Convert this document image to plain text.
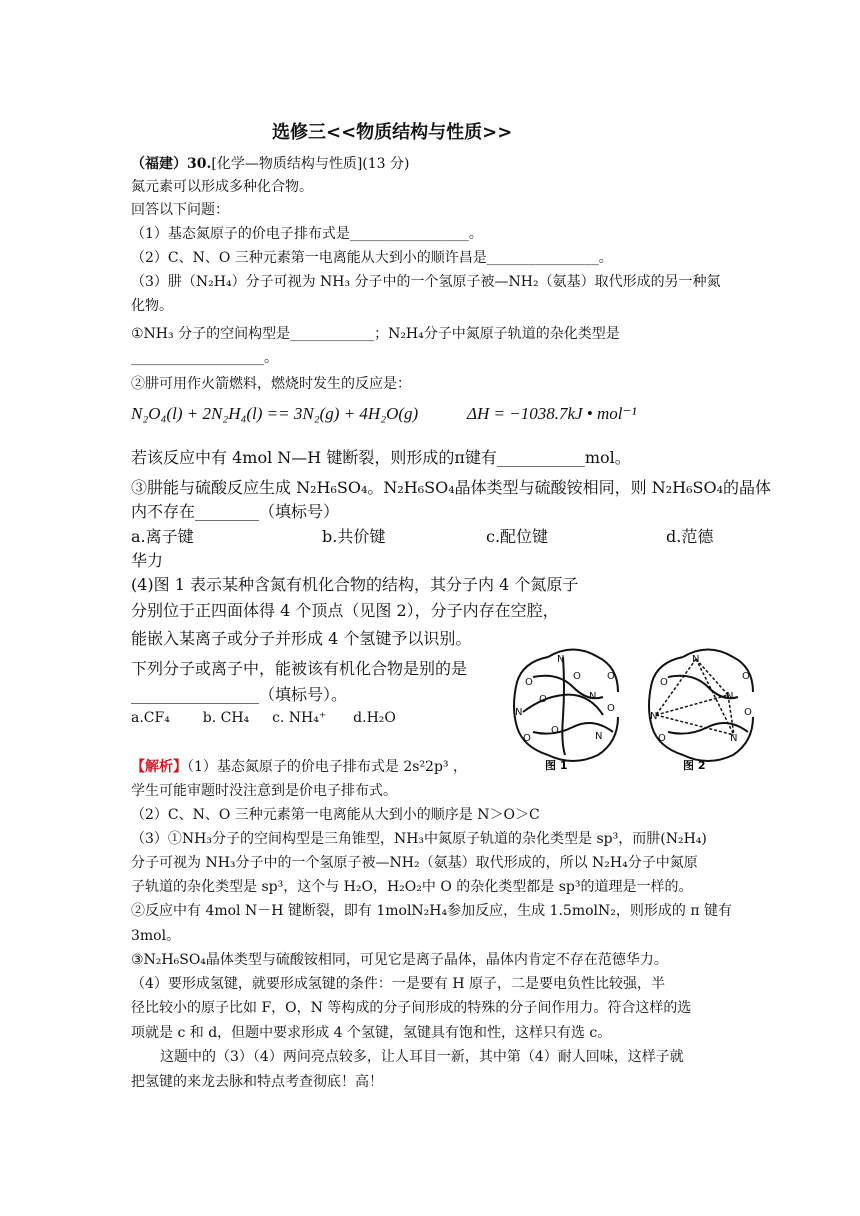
选修三<<物质结构与性质>>
（福建）30.[化学—物质结构与性质](13 分)
氮元素可以形成多种化合物。
回答以下问题：
（1）基态氮原子的价电子排布式是_________________。
（2）C、N、O 三种元素第一电离能从大到小的顺许昌是________________。
（3）肼（N₂H₄）分子可视为 NH₃ 分子中的一个氢原子被—NH₂（氨基）取代形成的另一种氮
化物。
①NH₃ 分子的空间构型是____________；N₂H₄分子中氮原子轨道的杂化类型是
___________________。
②肼可用作火箭燃料，燃烧时发生的反应是：
N₂O₄(l) + 2N₂H₄(l) == 3N₂(g) + 4H₂O(g)	ΔH = −1038.7kJ • mol⁻¹
若该反应中有 4mol N—H 键断裂，则形成的π键有___________mol。
③肼能与硫酸反应生成 N₂H₆SO₄。N₂H₆SO₄晶体类型与硫酸铵相同，则 N₂H₆SO₄的晶体
内不存在________（填标号）
a.离子键	b.共价键	c.配位键	d.范德
华力
(4)图 1 表示某种含氮有机化合物的结构，其分子内 4 个氮原子
分别位于正四面体得 4 个顶点（见图 2），分子内存在空腔，
能嵌入某离子或分子并形成 4 个氢键予以识别。
下列分子或离子中，能被该有机化合物是别的是
________________（填标号）。
a.CF₄ b. CH₄ c. NH₄⁺ d.H₂O
N
N
N
N
O
O
O	O
O
O
O
N
N
N
N
O
O
O
O
图 1	图 2
【解析】（1）基态氮原子的价电子排布式是 2s²2p³ ，
学生可能审题时没注意到是价电子排布式。
（2）C、N、O 三种元素第一电离能从大到小的顺序是 N＞O＞C
（3）①NH₃分子的空间构型是三角锥型，NH₃中氮原子轨道的杂化类型是 sp³，而肼(N₂H₄)
分子可视为 NH₃分子中的一个氢原子被—NH₂（氨基）取代形成的，所以 N₂H₄分子中氮原
子轨道的杂化类型是 sp³，这个与 H₂O，H₂O₂中 O 的杂化类型都是 sp³的道理是一样的。
②反应中有 4mol N－H 键断裂，即有 1molN₂H₄参加反应，生成 1.5molN₂，则形成的 π 键有
3mol。
③N₂H₆SO₄晶体类型与硫酸铵相同，可见它是离子晶体，晶体内肯定不存在范德华力。
（4）要形成氢键，就要形成氢键的条件：一是要有 H 原子，二是要电负性比较强，半
径比较小的原子比如 F，O，N 等构成的分子间形成的特殊的分子间作用力。符合这样的选
项就是 c 和 d，但题中要求形成 4 个氢键，氢键具有饱和性，这样只有选 c。
这题中的（3）（4）两问亮点较多，让人耳目一新，其中第（4）耐人回味，这样子就
把氢键的来龙去脉和特点考查彻底！高！
